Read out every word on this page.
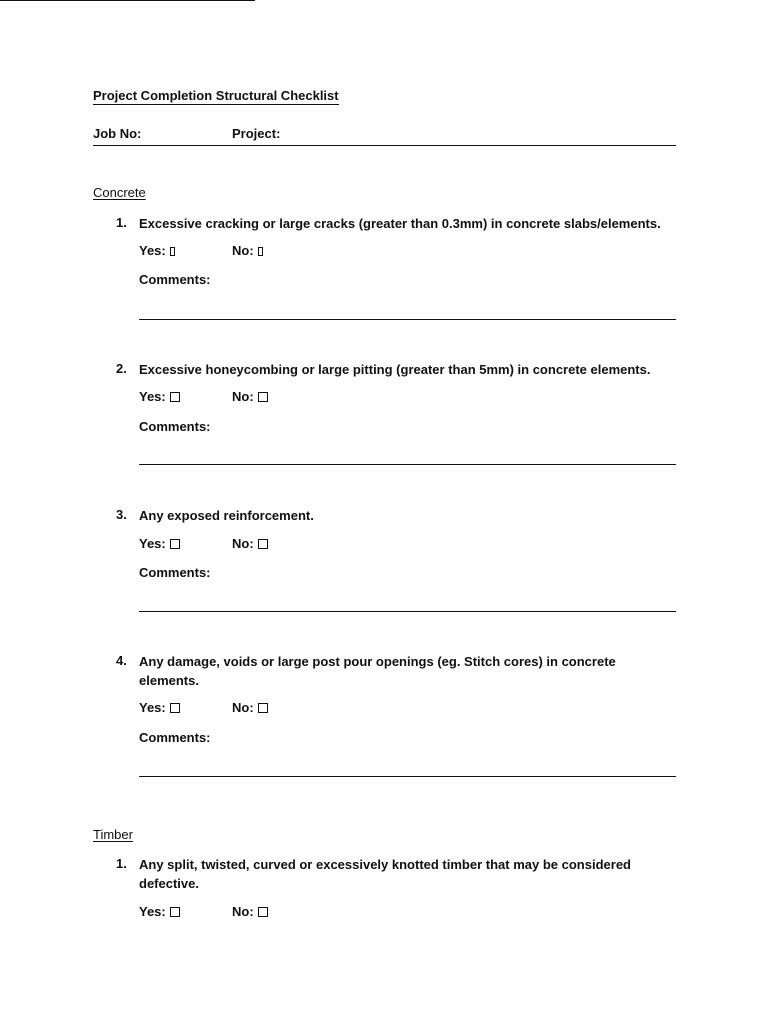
Project Completion Structural Checklist
Job No:	Project:
Concrete
1. Excessive cracking or large cracks (greater than 0.3mm) in concrete slabs/elements.
Yes:	No:
Comments:
2. Excessive honeycombing or large pitting (greater than 5mm) in concrete elements.
Yes:	No:
Comments:
3. Any exposed reinforcement.
Yes:	No:
Comments:
4. Any damage, voids or large post pour openings (eg. Stitch cores) in concrete elements.
Yes:	No:
Comments:
Timber
1. Any split, twisted, curved or excessively knotted timber that may be considered defective.
Yes:	No:
